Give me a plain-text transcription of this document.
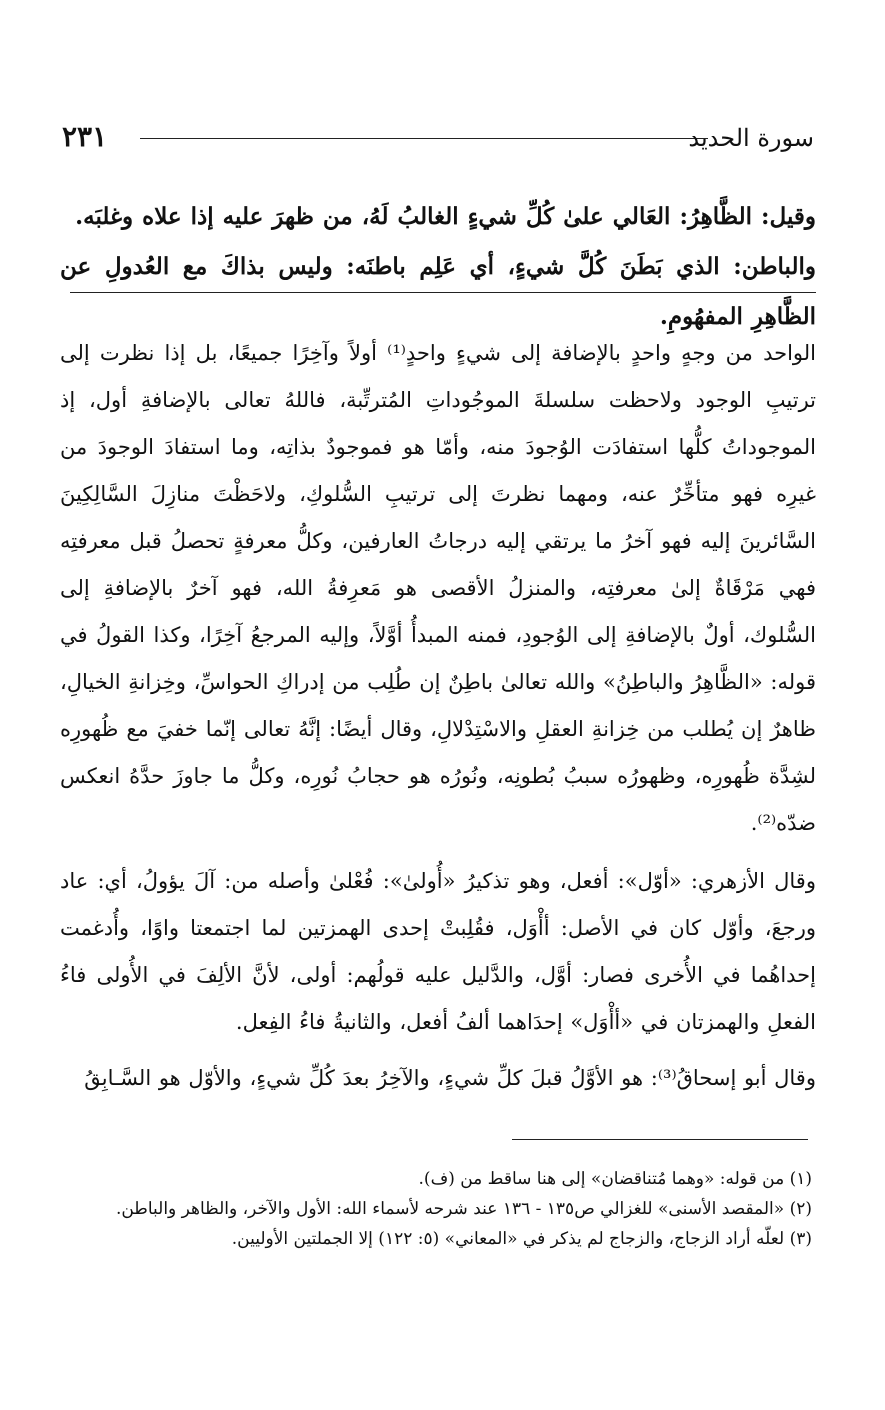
٢٣١	سورة الحديد
وقيل: الظَّاهِرُ: العَالي علىٰ كُلِّ شيءٍ الغالبُ لَهُ، من ظهرَ عليه إذا علاه وغلبَه.
والباطن: الذي بَطَنَ كُلَّ شيءٍ، أي عَلِم باطنَه: وليس بذاكَ مع العُدولِ عن الظَّاهِرِ المفهُومِ.
الواحد من وجهٍ واحدٍ بالإضافة إلى شيءٍ واحدٍ⁽¹⁾ أولاً وآخِرًا جميعًا، بل إذا نظرت إلى ترتيبِ الوجود ولاحظت سلسلةَ الموجُوداتِ المُترتِّبة، فاللهُ تعالى بالإضافةِ أول، إذ الموجوداتُ كلُّها استفادَت الوُجودَ منه، وأمّا هو فموجودٌ بذاتِه، وما استفادَ الوجودَ من غيرِه فهو متأخِّرٌ عنه، ومهما نظرتَ إلى ترتيبِ السُّلوكِ، ولاحَظْتَ منازِلَ السَّالِكِينَ السَّائرينَ إليه فهو آخرُ ما يرتقي إليه درجاتُ العارفين، وكلُّ معرفةٍ تحصلُ قبل معرفتِه فهي مَرْقَاةٌ إلىٰ معرفتِه، والمنزلُ الأقصى هو مَعرِفةُ الله، فهو آخرٌ بالإضافةِ إلى السُّلوك، أولٌ بالإضافةِ إلى الوُجودِ، فمنه المبدأُ أوَّلاً، وإليه المرجعُ آخِرًا، وكذا القولُ في قوله: «الظَّاهِرُ والباطِنُ» والله تعالىٰ باطِنٌ إن طُلِب من إدراكِ الحواسِّ، وخِزانةِ الخيالِ، ظاهرٌ إن يُطلب من خِزانةِ العقلِ والاسْتِدْلالِ، وقال أيضًا: إنَّهُ تعالى إنّما خفيَ مع ظُهورِه لشِدَّة ظُهورِه، وظهورُه سببُ بُطونِه، ونُورُه هو حجابُ نُورِه، وكلُّ ما جاوزَ حدَّهُ انعكس ضدّه⁽²⁾.
وقال الأزهري: «أوّل»: أفعل، وهو تذكيرُ «أُولىٰ»: فُعْلىٰ وأصله من: آلَ يؤولُ، أي: عاد ورجعَ، وأوّل كان في الأصل: أأْوَل، فقُلِبتْ إحدى الهمزتين لما اجتمعتا واوًا، وأُدغمت إحداهُما في الأُخرى فصار: أوَّل، والدَّليل عليه قولُهم: أولى، لأنَّ الألِفَ في الأُولى فاءُ الفعلِ والهمزتان في «أأْوَل» إحدَاهما ألفُ أفعل، والثانيةُ فاءُ الفِعل.
وقال أبو إسحاقُ⁽³⁾: هو الأوَّلُ قبلَ كلِّ شيءٍ، والآخِرُ بعدَ كُلِّ شيءٍ، والأوّل هو السَّـابِقُ
(١) من قوله: «وهما مُتناقضان» إلى هنا ساقط من (ف).
(٢) «المقصد الأسنى» للغزالي ص١٣٥ - ١٣٦ عند شرحه لأسماء الله: الأول والآخر، والظاهر والباطن.
(٣) لعلّه أراد الزجاج، والزجاج لم يذكر في «المعاني» (٥: ١٢٢) إلا الجملتين الأوليين.
